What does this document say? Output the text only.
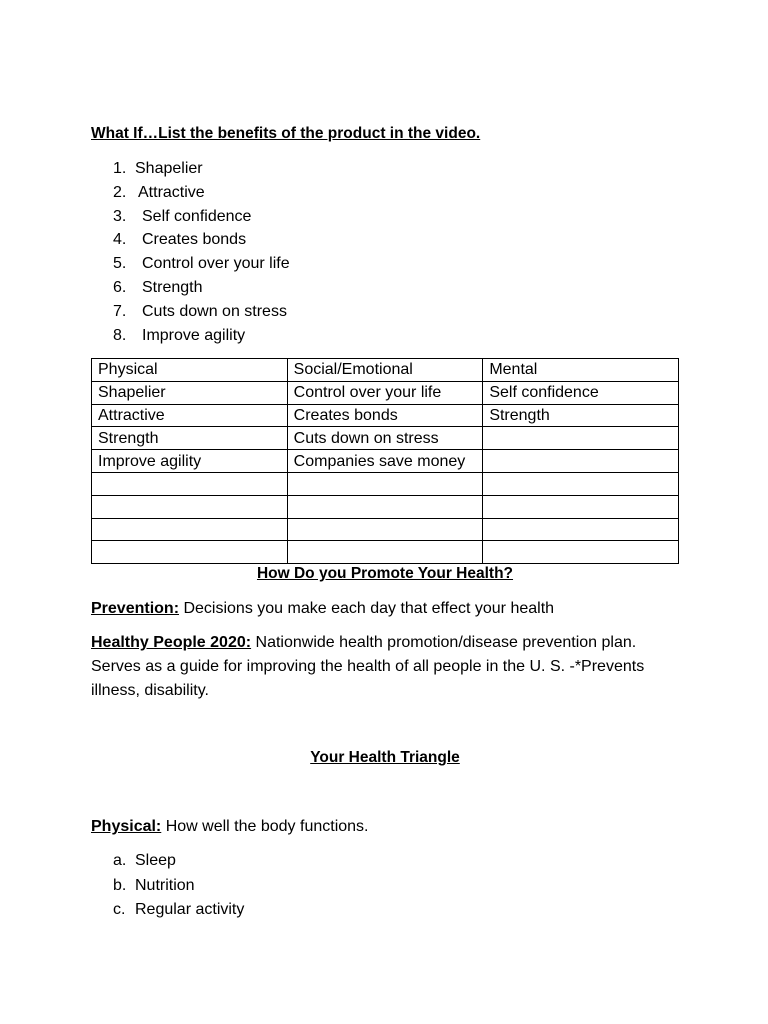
What If…List the benefits of the product in the video.
1. Shapelier
2. Attractive
3. Self confidence
4. Creates bonds
5. Control over your life
6. Strength
7. Cuts down on stress
8. Improve agility
Physical	Social/Emotional	Mental
Shapelier	Control over your life	Self confidence
Attractive	Creates bonds	Strength
Strength	Cuts down on stress	
Improve agility	Companies save money	

How Do you Promote Your Health?
Prevention: Decisions you make each day that effect your health
Healthy People 2020: Nationwide health promotion/disease prevention plan. Serves as a guide for improving the health of all people in the U. S. -*Prevents illness, disability.
Your Health Triangle
Physical: How well the body functions.
a. Sleep
b. Nutrition
c. Regular activity
